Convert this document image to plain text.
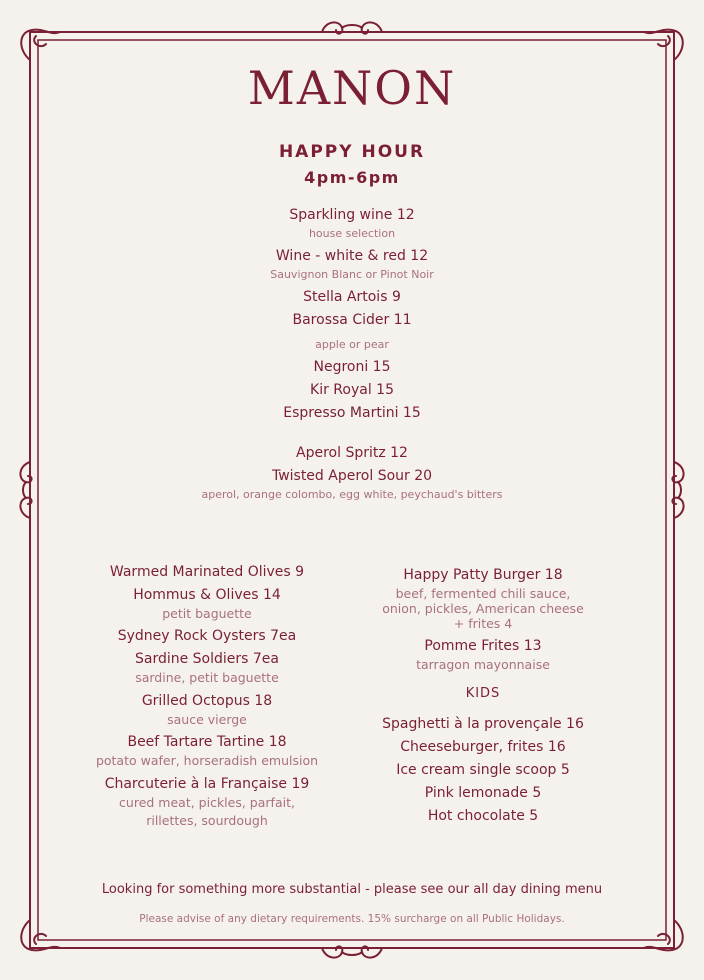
MANON
HAPPY HOUR
4pm-6pm
Sparkling wine 12
house selection
Wine - white & red 12
Sauvignon Blanc or Pinot Noir
Stella Artois 9
Barossa Cider 11
apple or pear
Negroni 15
Kir Royal 15
Espresso Martini 15
Aperol Spritz 12
Twisted Aperol Sour 20
aperol, orange colombo, egg white, peychaud's bitters
Warmed Marinated Olives 9
Hommus & Olives 14
petit baguette
Sydney Rock Oysters 7ea
Sardine Soldiers 7ea
sardine, petit baguette
Grilled Octopus 18
sauce vierge
Beef Tartare Tartine 18
potato wafer, horseradish emulsion
Charcuterie à la Française 19
cured meat, pickles, parfait,
rillettes, sourdough
Happy Patty Burger 18
beef, fermented chili sauce,
onion, pickles, American cheese
+ frites 4
Pomme Frites 13
tarragon mayonnaise
KIDS
Spaghetti à la provençale 16
Cheeseburger, frites 16
Ice cream single scoop 5
Pink lemonade 5
Hot chocolate 5
Looking for something more substantial - please see our all day dining menu
Please advise of any dietary requirements. 15% surcharge on all Public Holidays.
